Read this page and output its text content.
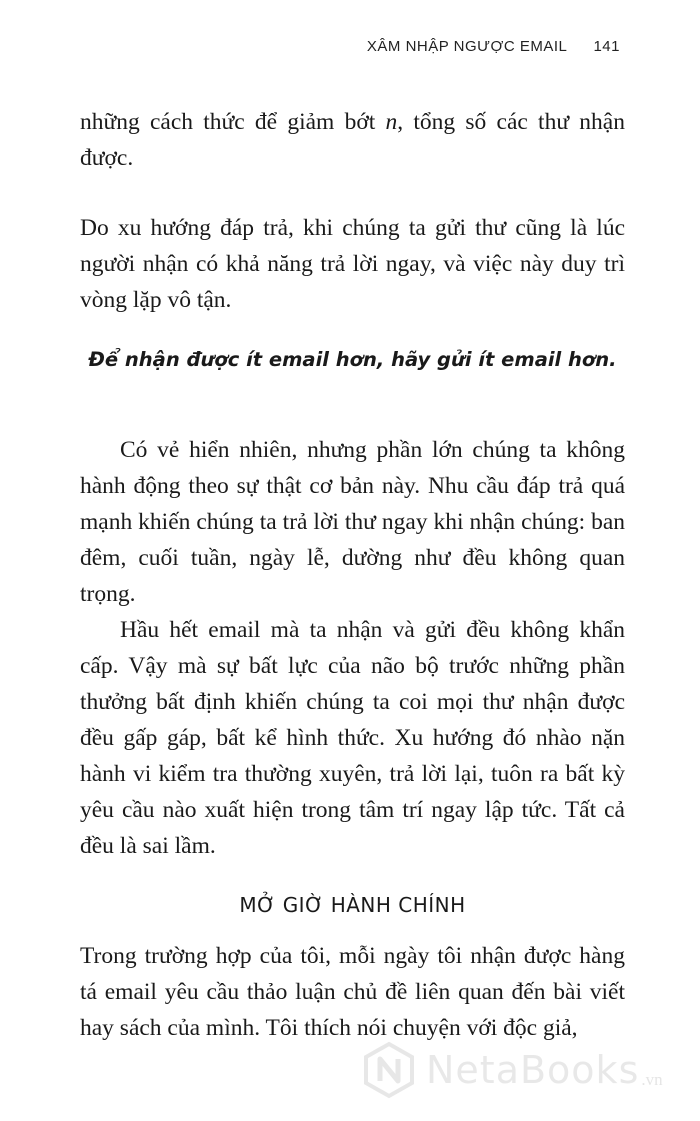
XÂM NHẬP NGƯỢC EMAIL 141

những cách thức để giảm bớt n, tổng số các thư nhận được.

Do xu hướng đáp trả, khi chúng ta gửi thư cũng là lúc người nhận có khả năng trả lời ngay, và việc này duy trì vòng lặp vô tận.

Để nhận được ít email hơn, hãy gửi ít email hơn.

Có vẻ hiển nhiên, nhưng phần lớn chúng ta không hành động theo sự thật cơ bản này. Nhu cầu đáp trả quá mạnh khiến chúng ta trả lời thư ngay khi nhận chúng: ban đêm, cuối tuần, ngày lễ, dường như đều không quan trọng.

Hầu hết email mà ta nhận và gửi đều không khẩn cấp. Vậy mà sự bất lực của não bộ trước những phần thưởng bất định khiến chúng ta coi mọi thư nhận được đều gấp gáp, bất kể hình thức. Xu hướng đó nhào nặn hành vi kiểm tra thường xuyên, trả lời lại, tuôn ra bất kỳ yêu cầu nào xuất hiện trong tâm trí ngay lập tức. Tất cả đều là sai lầm.

MỞ GIỜ HÀNH CHÍNH

Trong trường hợp của tôi, mỗi ngày tôi nhận được hàng tá email yêu cầu thảo luận chủ đề liên quan đến bài viết hay sách của mình. Tôi thích nói chuyện với độc giả,

NetaBooks .vn
